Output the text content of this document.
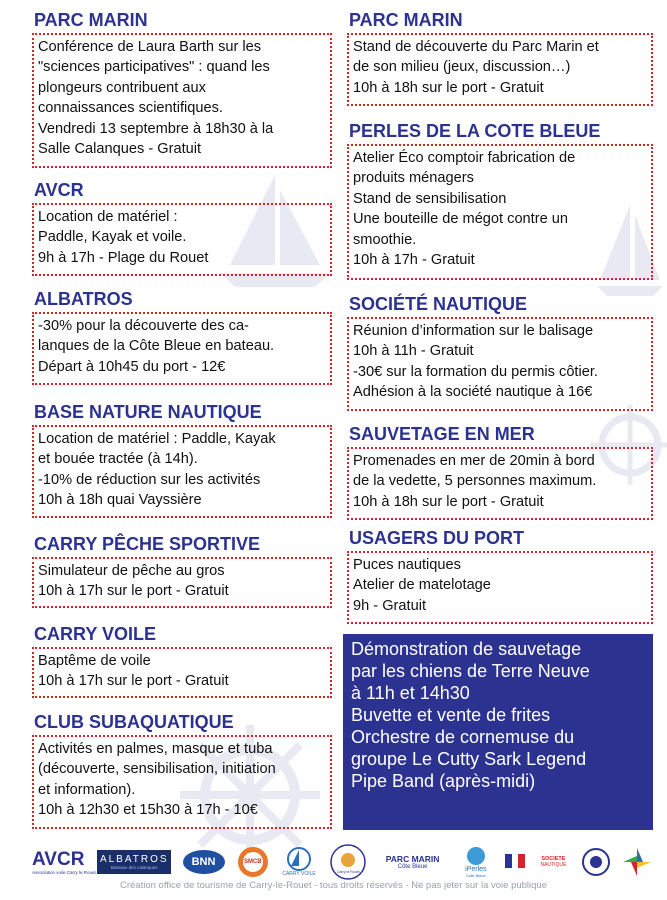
PARC MARIN
Conférence de Laura Barth sur les
"sciences participatives" : quand les
plongeurs contribuent aux
connaissances scientifiques.
Vendredi 13 septembre à 18h30 à la
Salle Calanques - Gratuit
AVCR
Location de matériel :
Paddle, Kayak et voile.
9h à 17h - Plage du Rouet
ALBATROS
-30% pour la découverte des ca-
lanques de la Côte Bleue en bateau.
Départ à 10h45 du port - 12€
BASE NATURE NAUTIQUE
Location de matériel : Paddle, Kayak
et bouée tractée (à 14h).
-10% de réduction sur les activités
10h à 18h quai Vayssière
CARRY PÊCHE SPORTIVE
Simulateur de pêche au gros
10h à 17h sur le port - Gratuit
CARRY VOILE
Baptême de voile
10h à 17h sur le port - Gratuit
CLUB SUBAQUATIQUE
Activités en palmes, masque et tuba
(découverte, sensibilisation, initiation
et information).
10h à 12h30 et 15h30 à 17h - 10€
PARC MARIN
Stand de découverte du Parc Marin et
de son milieu (jeux, discussion…)
10h à 18h sur le port - Gratuit
PERLES DE LA COTE BLEUE
Atelier Éco comptoir fabrication de
produits ménagers
Stand de sensibilisation
Une bouteille de mégot contre un
smoothie.
10h à 17h - Gratuit
SOCIÉTÉ NAUTIQUE
Réunion d’information sur le balisage
10h à 11h - Gratuit
-30€ sur la formation du permis côtier.
Adhésion à la société nautique à 16€
SAUVETAGE EN MER
Promenades en mer de 20min à bord
de la vedette, 5 personnes maximum.
10h à 18h sur le port - Gratuit
USAGERS DU PORT
Puces nautiques
Atelier de matelotage
9h - Gratuit
Démonstration de sauvetage
par les chiens de Terre Neuve
à 11h et 14h30
Buvette et vente de frites
Orchestre de cornemuse du
groupe Le Cutty Sark Legend
Pipe Band (après-midi)
AVCR
Association voile Carry le Rouet
ALBATROS
Bateaux des calanques	BNN	SMCB
CARRY VOILE	Carry le Rouet
PARC MARIN
Côte Bleue	iPerles
Côte Bleue
SOCIETE
NAUTIQUE
Création office de tourisme de Carry-le-Rouet - tous droits réservés - Ne pas jeter sur la voie publique
